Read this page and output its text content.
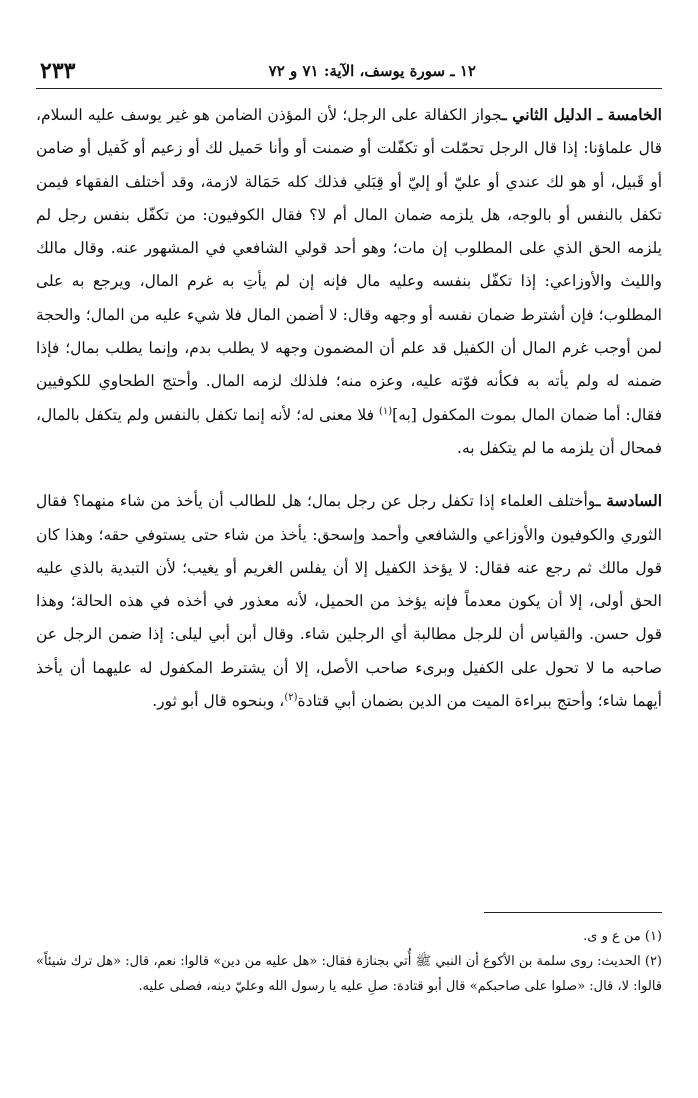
١٢ ـ سورة يوسف، الآية: ٧١ و ٧٢
٢٣٣

الخامسة ـ الدليل الثاني ـجواز الكفالة على الرجل؛ لأن المؤذن الضامن هو غير يوسف عليه السلام، قال علماؤنا: إذا قال الرجل تحمّلت أو تكفّلت أو ضمنت أو وأنا حَميل لك أو زعيم أو كَفيل أو ضامن أو قَبيل، أو هو لك عندي أو عليّ أو إليّ أو قِبَلي فذلك كله حَمَالة لازمة، وقد أختلف الفقهاء فيمن تكفل بالنفس أو بالوجه، هل يلزمه ضمان المال أم لا؟ فقال الكوفيون: من تكفّل بنفس رجل لم يلزمه الحق الذي على المطلوب إن مات؛ وهو أحد قولي الشافعي في المشهور عنه. وقال مالك والليث والأوزاعي: إذا تكفّل بنفسه وعليه مال فإنه إن لم يأتِ به غرم المال، ويرجع به على المطلوب؛ فإن أشترط ضمان نفسه أو وجهه وقال: لا أضمن المال فلا شيء عليه من المال؛ والحجة لمن أوجب غرم المال أن الكفيل قد علم أن المضمون وجهه لا يطلب بدم، وإنما يطلب بمال؛ فإذا ضمنه له ولم يأته به فكأنه فوّته عليه، وعزه منه؛ فلذلك لزمه المال. وأحتج الطحاوي للكوفيين فقال: أما ضمان المال بموت المكفول [به]$^{(١)}$ فلا معنى له؛ لأنه إنما تكفل بالنفس ولم يتكفل بالمال، فمحال أن يلزمه ما لم يتكفل به.

السادسة ـوأختلف العلماء إذا تكفل رجل عن رجل بمال؛ هل للطالب أن يأخذ من شاء منهما؟ فقال الثوري والكوفيون والأوزاعي والشافعي وأحمد وإسحق: يأخذ من شاء حتى يستوفي حقه؛ وهذا كان قول مالك ثم رجع عنه فقال: لا يؤخذ الكفيل إلا أن يفلس الغريم أو يغيب؛ لأن التبدية بالذي عليه الحق أولى، إلا أن يكون معدماً فإنه يؤخذ من الحميل، لأنه معذور في أخذه في هذه الحالة؛ وهذا قول حسن. والقياس أن للرجل مطالبة أي الرجلين شاء. وقال أبن أبي ليلى: إذا ضمن الرجل عن صاحبه ما لا تحول على الكفيل وبرىء صاحب الأصل، إلا أن يشترط المكفول له عليهما أن يأخذ أيهما شاء؛ وأحتج ببراءة الميت من الدين بضمان أبي قتادة$^{(٢)}$، وبنحوه قال أبو ثور.

(١) من ع و ى.

(٢) الحديث: روى سلمة بن الأكوع أن النبي ﷺ أُتي بجنازة فقال: «هل عليه من دين» قالوا: نعم، قال: «هل ترك شيئاً» قالوا: لا، قال: «صلوا على صاحبكم» قال أبو قتادة: صلِ عليه يا رسول الله وعليّ دينه، فصلى عليه.
